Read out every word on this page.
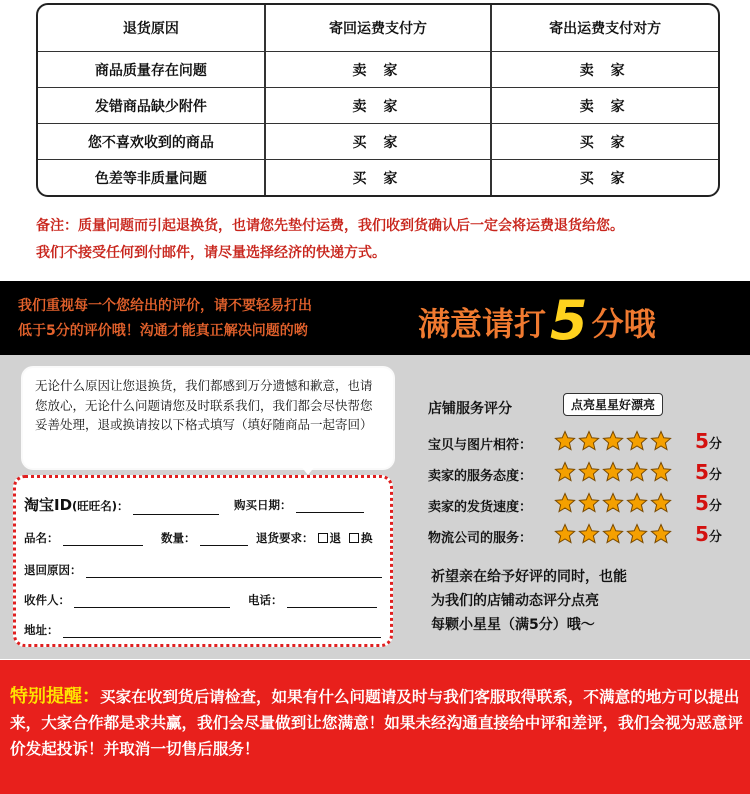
退货原因	寄回运费支付方	寄出运费支付对方
商品质量存在问题	卖 家	卖 家
发错商品缺少附件	卖 家	卖 家
您不喜欢收到的商品	买 家	买 家
色差等非质量问题	买 家	买 家
备注：质量问题而引起退换货，也请您先垫付运费，我们收到货确认后一定会将运费退货给您。
我们不接受任何到付邮件，请尽量选择经济的快递方式。
我们重视每一个您给出的评价，请不要轻易打出
低于5分的评价哦！沟通才能真正解决问题的哟	满意请打5 分哦
无论什么原因让您退换货，我们都感到万分遗憾和歉意，也请您放心，无论什么问题请您及时联系我们，我们都会尽快帮您妥善处理，退或换请按以下格式填写（填好随商品一起寄回）
淘宝ID(旺旺名)：	购买日期：
品名：	数量：	退货要求： 退 换
退回原因：
收件人：	电话：
地址：
店铺服务评分	点亮星星好漂亮
宝贝与图片相符：	5分
卖家的服务态度：	5分
卖家的发货速度：	5分
物流公司的服务：	5分
祈望亲在给予好评的同时，也能
为我们的店铺动态评分点亮
每颗小星星（满5分）哦～
特别提醒：买家在收到货后请检查，如果有什么问题请及时与我们客服取得联系，不满意的地方可以提出来，大家合作都是求共赢，我们会尽量做到让您满意！如果未经沟通直接给中评和差评，我们会视为恶意评价发起投诉！并取消一切售后服务！
